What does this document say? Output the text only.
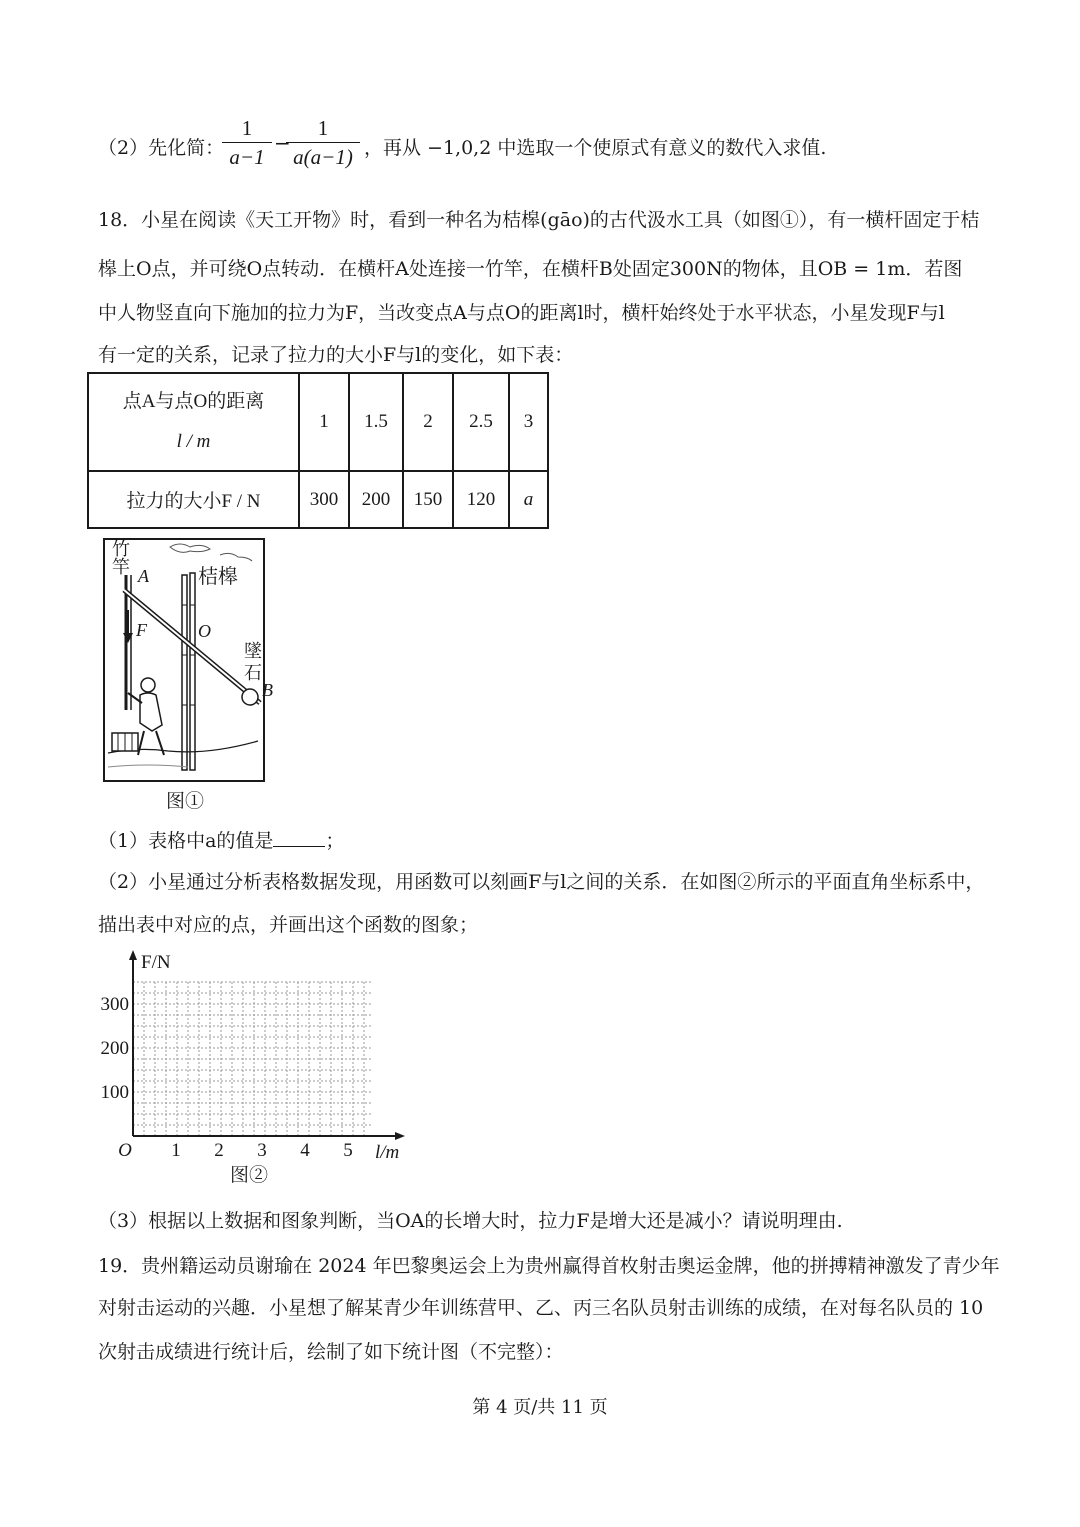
（2）先化简：
1
a−1
−
1
a(a−1) ，再从 −1,0,2 中选取一个使原式有意义的数代入求值.
18．小星在阅读《天工开物》时，看到一种名为桔槔(gāo)的古代汲水工具（如图①），有一横杆固定于桔
槔上O点，并可绕O点转动．在横杆A处连接一竹竿，在横杆B处固定300N的物体，且OB = 1m．若图
中人物竖直向下施加的拉力为F，当改变点A与点O的距离l时，横杆始终处于水平状态，小星发现F与l
有一定的关系，记录了拉力的大小F与l的变化，如下表：
点A与点O的距离
l / m	1	1.5	2	2.5	3
拉力的大小F / N	300	200	150	120	a
竹
竿 A 桔槔
F	O
墜
石
B
图①
（1）表格中a的值是	；
（2）小星通过分析表格数据发现，用函数可以刻画F与l之间的关系．在如图②所示的平面直角坐标系中，
描出表中对应的点，并画出这个函数的图象；
1 2 3 4 5
100
200
300
O
F/N
l/m
图②
（3）根据以上数据和图象判断，当OA的长增大时，拉力F是增大还是减小？请说明理由.
19．贵州籍运动员谢瑜在 2024 年巴黎奥运会上为贵州赢得首枚射击奥运金牌，他的拼搏精神激发了青少年
对射击运动的兴趣．小星想了解某青少年训练营甲、乙、丙三名队员射击训练的成绩，在对每名队员的 10
次射击成绩进行统计后，绘制了如下统计图（不完整）：
第 4 页/共 11 页
